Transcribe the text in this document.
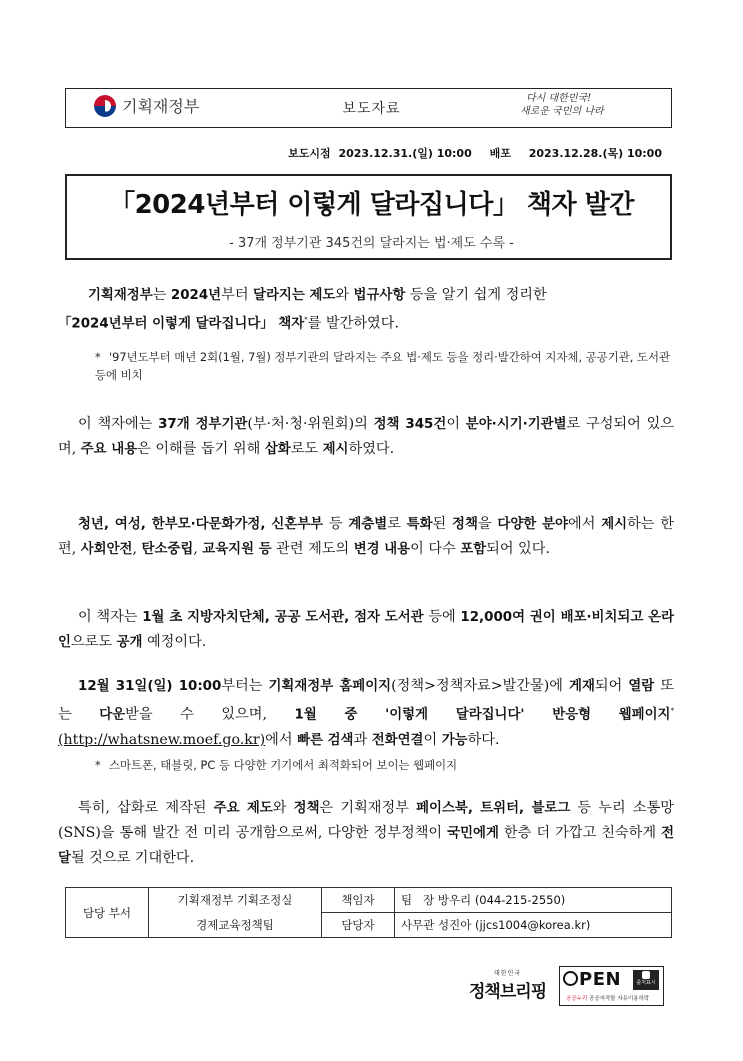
기획재정부	보도자료
다시 대한민국!
새로운 국민의 나라
보도시점 2023.12.31.(일) 10:00 배포 2023.12.28.(목) 10:00
「2024년부터 이렇게 달라집니다」 책자 발간
- 37개 정부기관 345건의 달라지는 법·제도 수록 -
기획재정부는 2024년부터 달라지는 제도와 법규사항 등을 알기 쉽게 정리한
「2024년부터 이렇게 달라집니다」 책자*를 발간하였다.
* '97년도부터 매년 2회(1월, 7월) 정부기관의 달라지는 주요 법·제도 등을 정리·발간하여 지자체, 공공기관, 도서관 등에 비치
이 책자에는 37개 정부기관(부·처·청·위원회)의 정책 345건이 분야·시기·기관별로 구성되어 있으며, 주요 내용은 이해를 돕기 위해 삽화로도 제시하였다.
청년, 여성, 한부모·다문화가정, 신혼부부 등 계층별로 특화된 정책을 다양한 분야에서 제시하는 한편, 사회안전, 탄소중립, 교육지원 등 관련 제도의 변경 내용이 다수 포함되어 있다.
이 책자는 1월 초 지방자치단체, 공공 도서관, 점자 도서관 등에 12,000여 권이 배포·비치되고 온라인으로도 공개 예정이다.
12월 31일(일) 10:00부터는 기획재정부 홈페이지(정책>정책자료>발간물)에 게재되어 열람 또는 다운받을 수 있으며, 1월 중 '이렇게 달라집니다' 반응형 웹페이지* (http://whatsnew.moef.go.kr)에서 빠른 검색과 전화연결이 가능하다.
* 스마트폰, 태블릿, PC 등 다양한 기기에서 최적화되어 보이는 웹페이지
특히, 삽화로 제작된 주요 제도와 정책은 기획재정부 페이스북, 트위터, 블로그 등 누리 소통망(SNS)을 통해 발간 전 미리 공개함으로써, 다양한 정부정책이 국민에게 한층 더 가깝고 친숙하게 전달될 것으로 기대한다.
담당 부서	기획재정부 기획조정실	책임자	팀   장 방우리 (044-215-2550)
	경제교육정책팀	담당자	사무관 성진아 (jjcs1004@korea.kr)
대한민국
정책브리핑
PEN	출처표시
공공누리 공공저작물 자유이용허락
